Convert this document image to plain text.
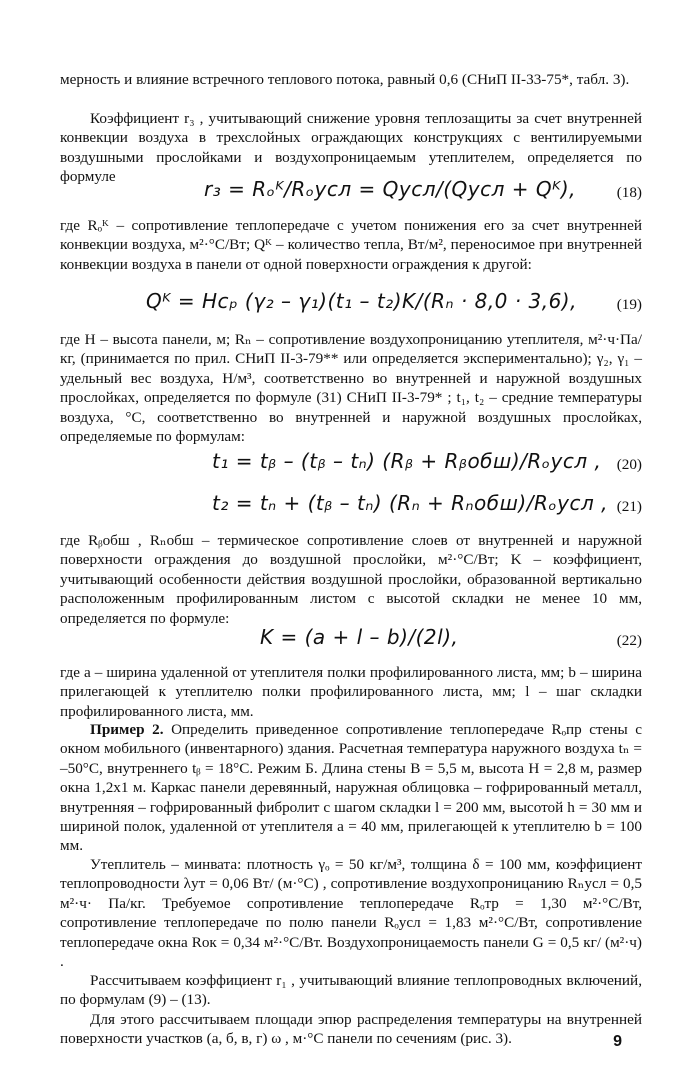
мерность и влияние встречного теплового потока, равный 0,6 (СНиП II-33-75*, табл. 3).

Коэффициент r₃ , учитывающий снижение уровня теплозащиты за счет внутренней конвекции воздуха в трехслойных ограждающих конструкциях с вентилируемыми воздушными прослойками и воздухопроницаемым утеплителем, определяется по формуле

r₃ = Rₒᴷ/Rₒусл = Qусл/(Qусл + Qᴷ),	(18)

где Rₒᴷ – сопротивление теплопередаче с учетом понижения его за счет внутренней конвекции воздуха, м²·°С/Вт; Qᴷ – количество тепла, Вт/м², переносимое при внутренней конвекции воздуха в панели от одной поверхности ограждения к другой:

Qᴷ = Hcₚ (γ₂ – γ₁)(t₁ – t₂)K/(Rₙ · 8,0 · 3,6),	(19)

где H – высота панели, м; Rₙ – сопротивление воздухопроницанию утеплителя, м²·ч·Па/кг, (принимается по прил. СНиП II-3-79** или определяется экспериментально); γ₂, γ₁ – удельный вес воздуха, Н/м³, соответственно во внутренней и наружной воздушных прослойках, определяется по формуле (31) СНиП II-3-79* ; t₁, t₂ – средние температуры воздуха, °С, соответственно во внутренней и наружной воздушных прослойках, определяемые по формулам:

t₁ = tᵦ – (tᵦ – tₙ) (Rᵦ + Rᵦобш)/Rₒусл , (20)
t₂ = tₙ + (tᵦ – tₙ) (Rₙ + Rₙобш)/Rₒусл , (21)

где Rᵦобш , Rₙобш – термическое сопротивление слоев от внутренней и наружной поверхности ограждения до воздушной прослойки, м²·°С/Вт; K – коэффициент, учитывающий особенности действия воздушной прослойки, образованной вертикально расположенным профилированным листом с высотой складки не менее 10 мм, определяется по формуле:

K = (a + l – b)/(2l),	(22)

где a – ширина удаленной от утеплителя полки профилированного листа, мм; b – ширина прилегающей к утеплителю полки профилированного листа, мм; l – шаг складки профилированного листа, мм.

Пример 2. Определить приведенное сопротивление теплопередаче Rₒпр стены с окном мобильного (инвентарного) здания. Расчетная температура наружного воздуха tₙ = –50°С, внутреннего tᵦ = 18°С. Режим Б. Длина стены B = 5,5 м, высота H = 2,8 м, размер окна 1,2х1 м. Каркас панели деревянный, наружная облицовка – гофрированный металл, внутренняя – гофрированный фибролит с шагом складки l = 200 мм, высотой h = 30 мм и шириной полок, удаленной от утеплителя a = 40 мм, прилегающей к утеплителю b = 100 мм.

Утеплитель – минвата: плотность γₒ = 50 кг/м³, толщина δ = 100 мм, коэффициент теплопроводности λут = 0,06 Вт/ (м·°С) , сопротивление воздухопроницанию Rₙусл = 0,5 м²·ч· Па/кг. Требуемое сопротивление теплопередаче Rₒтр = 1,30 м²·°С/Вт, сопротивление теплопередаче по полю панели Rₒусл = 1,83 м²·°С/Вт, сопротивление теплопередаче окна Rок = 0,34 м²·°С/Вт. Воздухопроницаемость панели G = 0,5 кг/ (м²·ч) .

Рассчитываем коэффициент r₁ , учитывающий влияние теплопроводных включений, по формулам (9) – (13).

Для этого рассчитываем площади эпюр распределения температуры на внутренней поверхности участков (а, б, в, г) ω , м·°С панели по сечениям (рис. 3).	9
